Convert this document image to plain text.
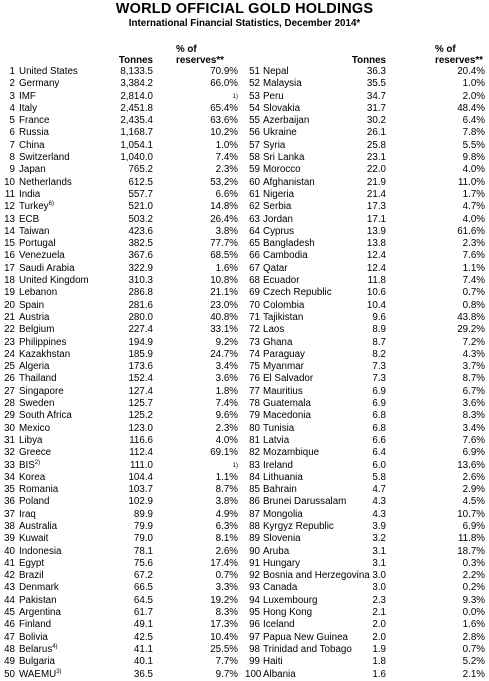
WORLD OFFICIAL GOLD HOLDINGS
International Financial Statistics, December 2014*
Tonnes
% of
reserves**
1 United States	8,133.5	70.9%
2 Germany	3,384.2	66.0%
3 IMF	2,814.0	$^{1)}$
4 Italy	2,451.8	65.4%
5 France	2,435.4	63.6%
6 Russia	1,168.7	10.2%
7 China	1,054.1	1.0%
8 Switzerland	1,040.0	7.4%
9 Japan	765.2	2.3%
10 Netherlands	612.5	53.2%
11 India	557.7	6.6%
12 Turkey$^{6)}$	521.0	14.8%
13 ECB	503.2	26.4%
14 Taiwan	423.6	3.8%
15 Portugal	382.5	77.7%
16 Venezuela	367.6	68.5%
17 Saudi Arabia	322.9	1.6%
18 United Kingdom	310.3	10.8%
19 Lebanon	286.8	21.1%
20 Spain	281.6	23.0%
21 Austria	280.0	40.8%
22 Belgium	227.4	33.1%
23 Philippines	194.9	9.2%
24 Kazakhstan	185.9	24.7%
25 Algeria	173.6	3.4%
26 Thailand	152.4	3.6%
27 Singapore	127.4	1.8%
28 Sweden	125.7	7.4%
29 South Africa	125.2	9.6%
30 Mexico	123.0	2.3%
31 Libya	116.6	4.0%
32 Greece	112.4	69.1%
33 BIS$^{2)}$	111.0	$^{1)}$
34 Korea	104.4	1.1%
35 Romania	103.7	8.7%
36 Poland	102.9	3.8%
37 Iraq	89.9	4.9%
38 Australia	79.9	6.3%
39 Kuwait	79.0	8.1%
40 Indonesia	78.1	2.6%
41 Egypt	75.6	17.4%
42 Brazil	67.2	0.7%
43 Denmark	66.5	3.3%
44 Pakistan	64.5	19.2%
45 Argentina	61.7	8.3%
46 Finland	49.1	17.3%
47 Bolivia	42.5	10.4%
48 Belarus$^{4)}$	41.1	25.5%
49 Bulgaria	40.1	7.7%
50 WAEMU$^{3)}$	36.5	9.7%
Tonnes
% of
reserves**
51 Nepal	36.3	20.4%
52 Malaysia	35.5	1.0%
53 Peru	34.7	2.0%
54 Slovakia	31.7	48.4%
55 Azerbaijan	30.2	6.4%
56 Ukraine	26.1	7.8%
57 Syria	25.8	5.5%
58 Sri Lanka	23.1	9.8%
59 Morocco	22.0	4.0%
60 Afghanistan	21.9	11.0%
61 Nigeria	21.4	1.7%
62 Serbia	17.3	4.7%
63 Jordan	17.1	4.0%
64 Cyprus	13.9	61.6%
65 Bangladesh	13.8	2.3%
66 Cambodia	12.4	7.6%
67 Qatar	12.4	1.1%
68 Ecuador	11.8	7.4%
69 Czech Republic	10.6	0.7%
70 Colombia	10.4	0.8%
71 Tajikistan	9.6	43.8%
72 Laos	8.9	29.2%
73 Ghana	8.7	7.2%
74 Paraguay	8.2	4.3%
75 Myanmar	7.3	3.7%
76 El Salvador	7.3	8.7%
77 Mauritius	6.9	6.7%
78 Guatemala	6.9	3.6%
79 Macedonia	6.8	8.3%
80 Tunisia	6.8	3.4%
81 Latvia	6.6	7.6%
82 Mozambique	6.4	6.9%
83 Ireland	6.0	13.6%
84 Lithuania	5.8	2.6%
85 Bahrain	4.7	2.9%
86 Brunei Darussalam	4.3	4.5%
87 Mongolia	4.3	10.7%
88 Kyrgyz Republic	3.9	6.9%
89 Slovenia	3.2	11.8%
90 Aruba	3.1	18.7%
91 Hungary	3.1	0.3%
92 Bosnia and Herzegovina 3.0	2.2%
93 Canada	3.0	0.2%
94 Luxembourg	2.3	9.3%
95 Hong Kong	2.1	0.0%
96 Iceland	2.0	1.6%
97 Papua New Guinea	2.0	2.8%
98 Trinidad and Tobago	1.9	0.7%
99 Haiti	1.8	5.2%
100 Albania	1.6	2.1%
